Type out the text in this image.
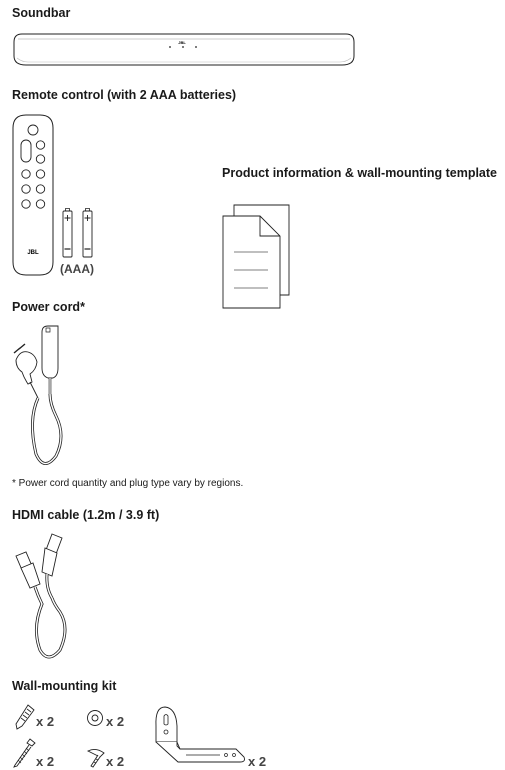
Soundbar
JBL
Remote control (with 2 AAA batteries)
JBL
(AAA)
Product information & wall-mounting template
Power cord*
* Power cord quantity and plug type vary by regions.
HDMI cable (1.2m / 3.9 ft)
Wall-mounting kit
x 2	x 2
x 2	x 2	x 2
